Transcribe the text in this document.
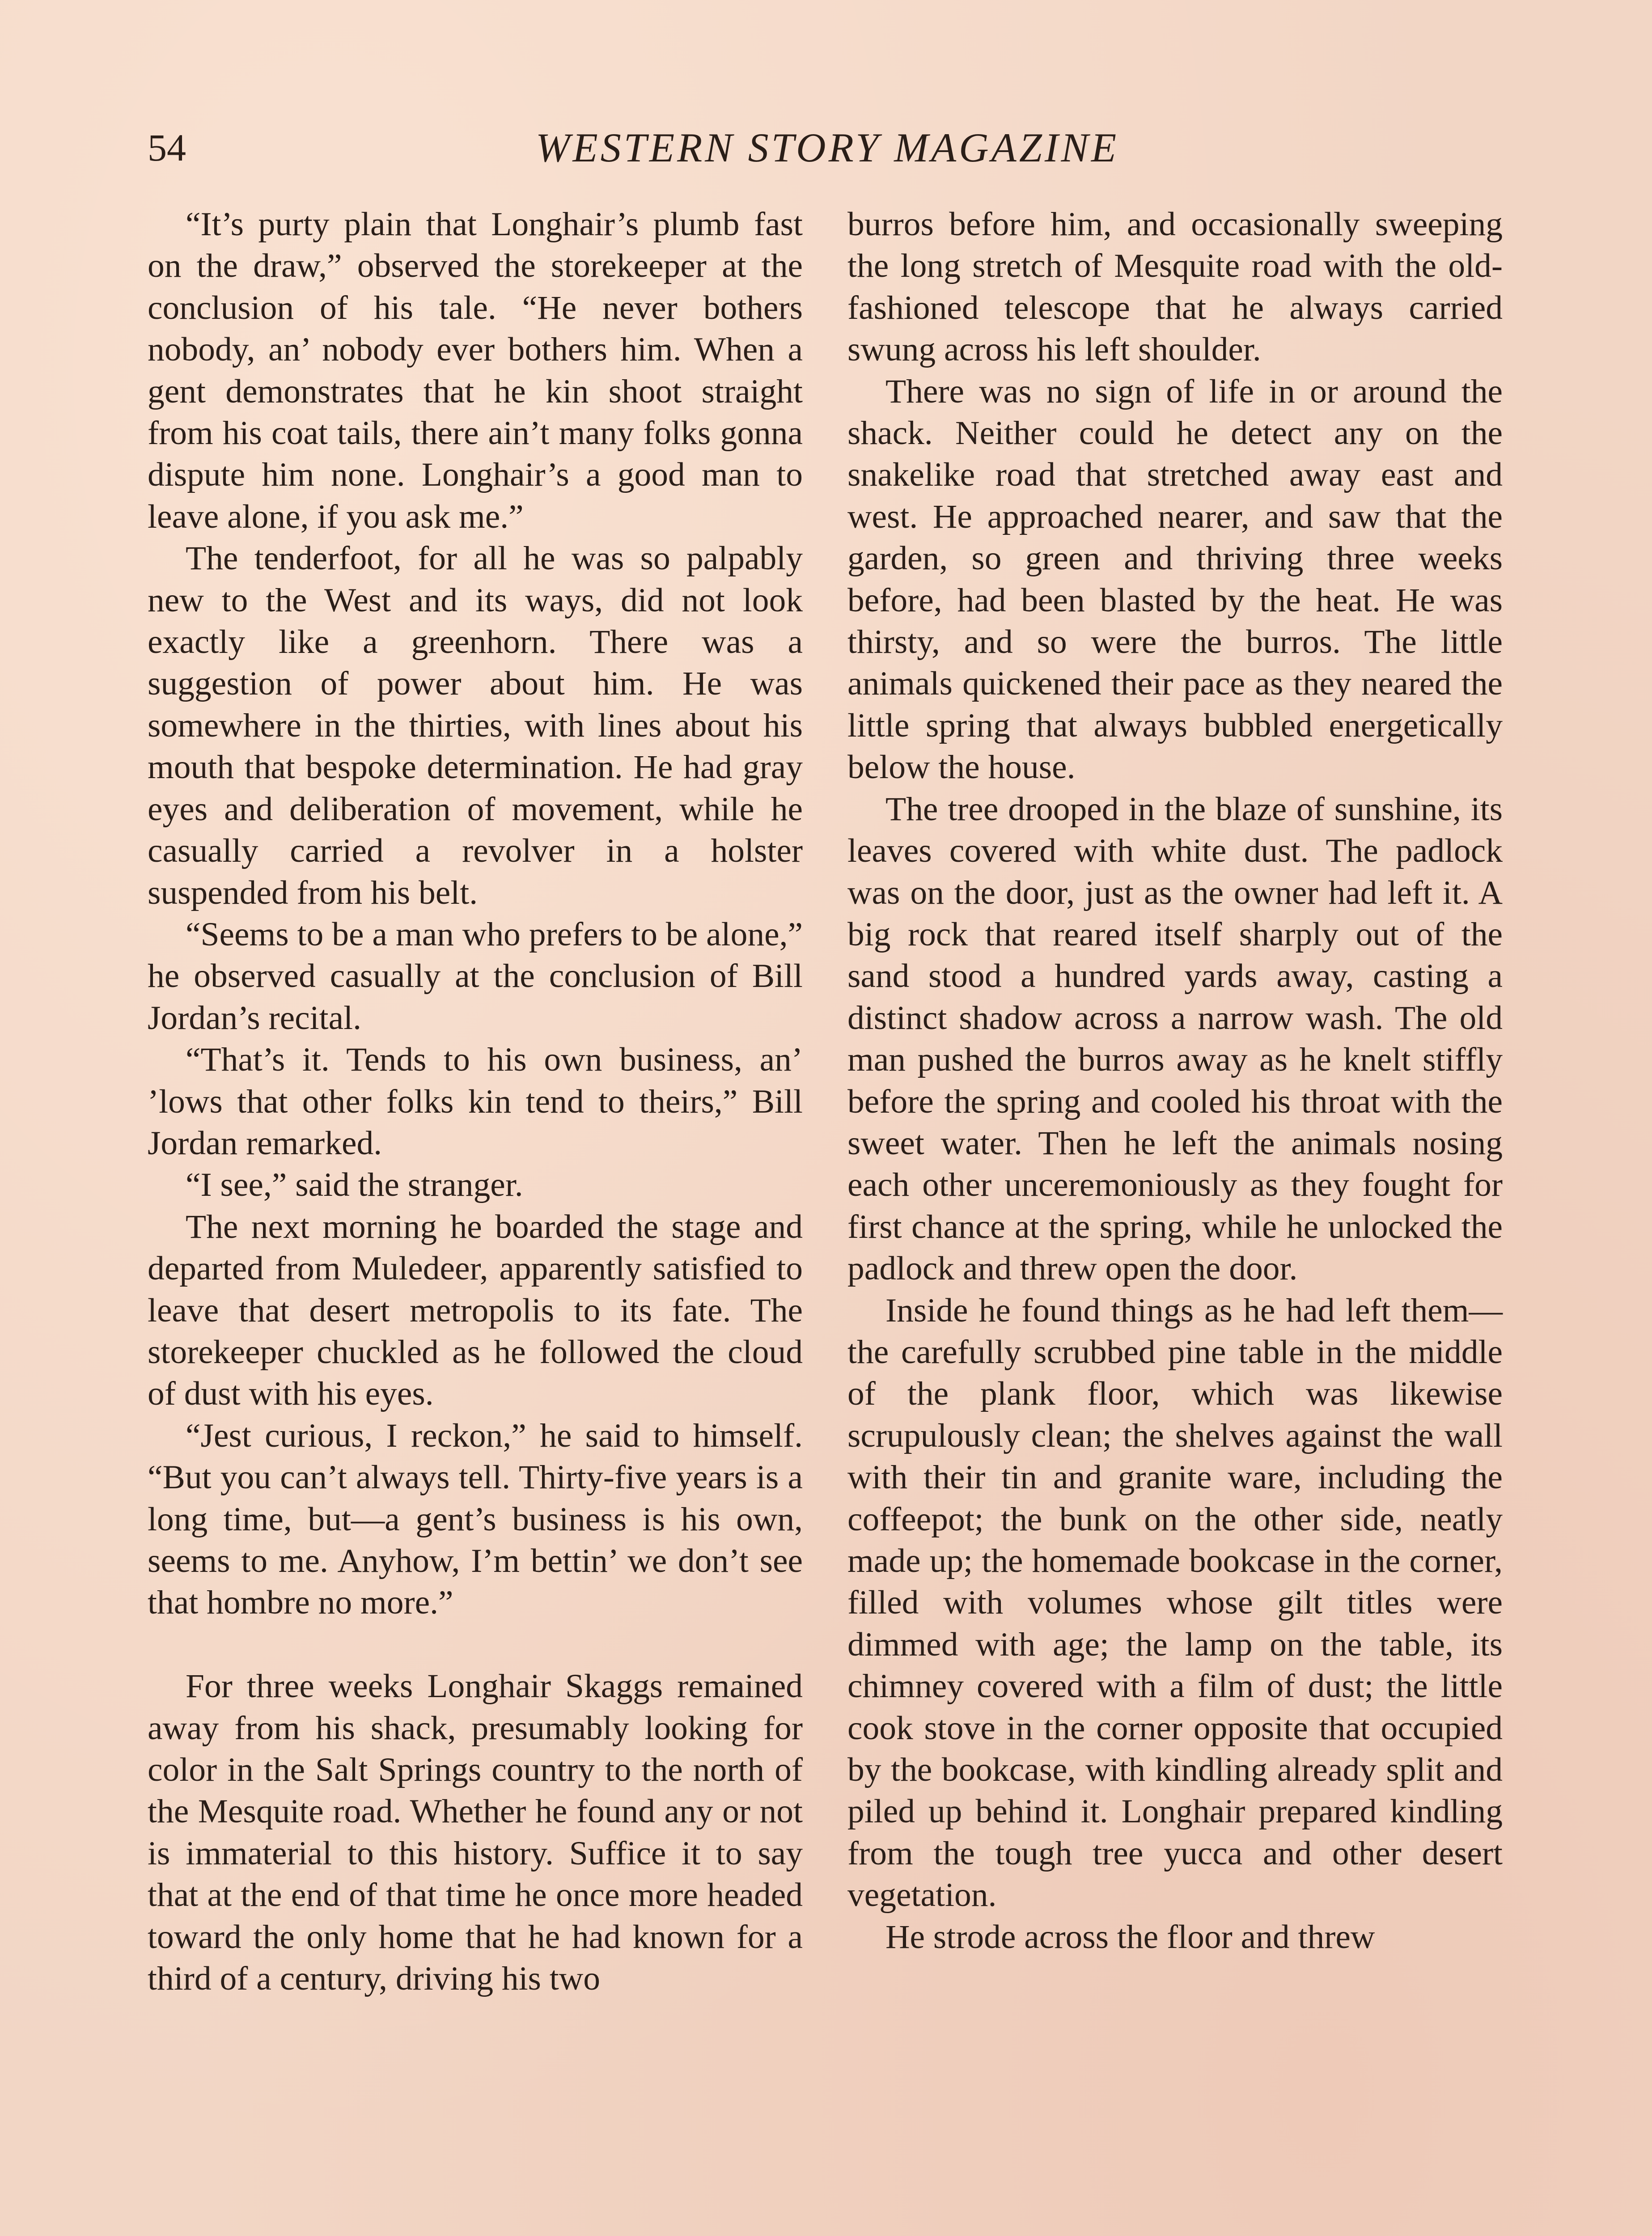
54	WESTERN STORY MAGAZINE

“It’s purty plain that Longhair’s plumb fast on the draw,” observed the storekeeper at the conclusion of his tale. “He never bothers nobody, an’ nobody ever bothers him. When a gent demonstrates that he kin shoot straight from his coat tails, there ain’t many folks gonna dispute him none. Longhair’s a good man to leave alone, if you ask me.”

The tenderfoot, for all he was so palpably new to the West and its ways, did not look exactly like a greenhorn. There was a suggestion of power about him. He was somewhere in the thirties, with lines about his mouth that bespoke determination. He had gray eyes and deliberation of movement, while he casually carried a revolver in a holster suspended from his belt.

“Seems to be a man who prefers to be alone,” he observed casually at the conclusion of Bill Jordan’s recital.

“That’s it. Tends to his own business, an’ ’lows that other folks kin tend to theirs,” Bill Jordan remarked.

“I see,” said the stranger.

The next morning he boarded the stage and departed from Muledeer, apparently satisfied to leave that desert metropolis to its fate. The storekeeper chuckled as he followed the cloud of dust with his eyes.

“Jest curious, I reckon,” he said to himself. “But you can’t always tell. Thirty-five years is a long time, but—a gent’s business is his own, seems to me. Anyhow, I’m bettin’ we don’t see that hombre no more.”

For three weeks Longhair Skaggs remained away from his shack, presumably looking for color in the Salt Springs country to the north of the Mesquite road. Whether he found any or not is immaterial to this history. Suffice it to say that at the end of that time he once more headed toward the only home that he had known for a third of a century, driving his two

burros before him, and occasionally sweeping the long stretch of Mesquite road with the old-fashioned telescope that he always carried swung across his left shoulder.

There was no sign of life in or around the shack. Neither could he detect any on the snakelike road that stretched away east and west. He approached nearer, and saw that the garden, so green and thriving three weeks before, had been blasted by the heat. He was thirsty, and so were the burros. The little animals quickened their pace as they neared the little spring that always bubbled energetically below the house.

The tree drooped in the blaze of sunshine, its leaves covered with white dust. The padlock was on the door, just as the owner had left it. A big rock that reared itself sharply out of the sand stood a hundred yards away, casting a distinct shadow across a narrow wash. The old man pushed the burros away as he knelt stiffly before the spring and cooled his throat with the sweet water. Then he left the animals nosing each other unceremoniously as they fought for first chance at the spring, while he unlocked the padlock and threw open the door.

Inside he found things as he had left them—the carefully scrubbed pine table in the middle of the plank floor, which was likewise scrupulously clean; the shelves against the wall with their tin and granite ware, including the coffeepot; the bunk on the other side, neatly made up; the homemade bookcase in the corner, filled with volumes whose gilt titles were dimmed with age; the lamp on the table, its chimney covered with a film of dust; the little cook stove in the corner opposite that occupied by the bookcase, with kindling already split and piled up behind it. Longhair prepared kindling from the tough tree yucca and other desert vegetation.

He strode across the floor and threw
